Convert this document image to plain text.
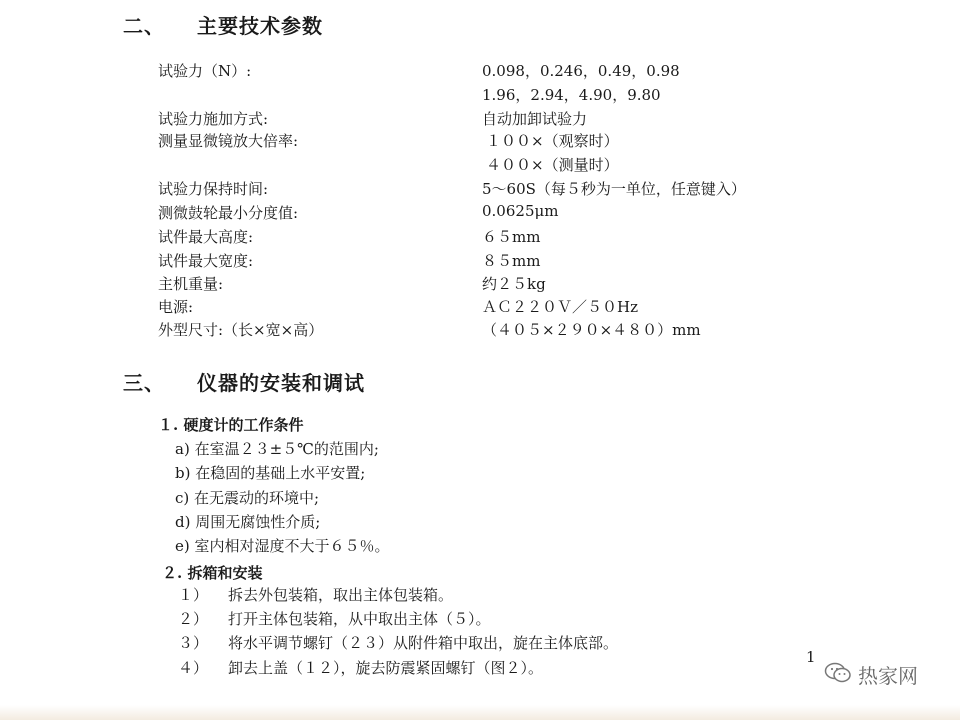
二、 主要技术参数
试验力（N）:
试验力施加方式:
测量显微镜放大倍率:
试验力保持时间:
测微鼓轮最小分度值:
试件最大高度:
试件最大宽度:
主机重量:
电源:
外型尺寸:（长×宽×高）
0.098，0.246，0.49，0.98
1.96，2.94，4.90，9.80
自动加卸试验力
１００×（观察时）
４００×（测量时）
5～60S（每５秒为一单位，任意键入）
0.0625μm
６５mm
８５mm
约２５kg
ＡＣ２２０Ｖ／５０Hz
（４０５×２９０×４８０）mm
三、 仪器的安装和调试
１. 硬度计的工作条件
a) 在室温２３±５℃的范围内;
b) 在稳固的基础上水平安置;
c) 在无震动的环境中;
d) 周围无腐蚀性介质;
e) 室内相对湿度不大于６５％。
２. 拆箱和安装
１） 拆去外包装箱，取出主体包装箱。
２） 打开主体包装箱，从中取出主体（５）。
３） 将水平调节螺钉（２３）从附件箱中取出，旋在主体底部。
４） 卸去上盖（１２），旋去防震紧固螺钉（图２）。
1
热家网
